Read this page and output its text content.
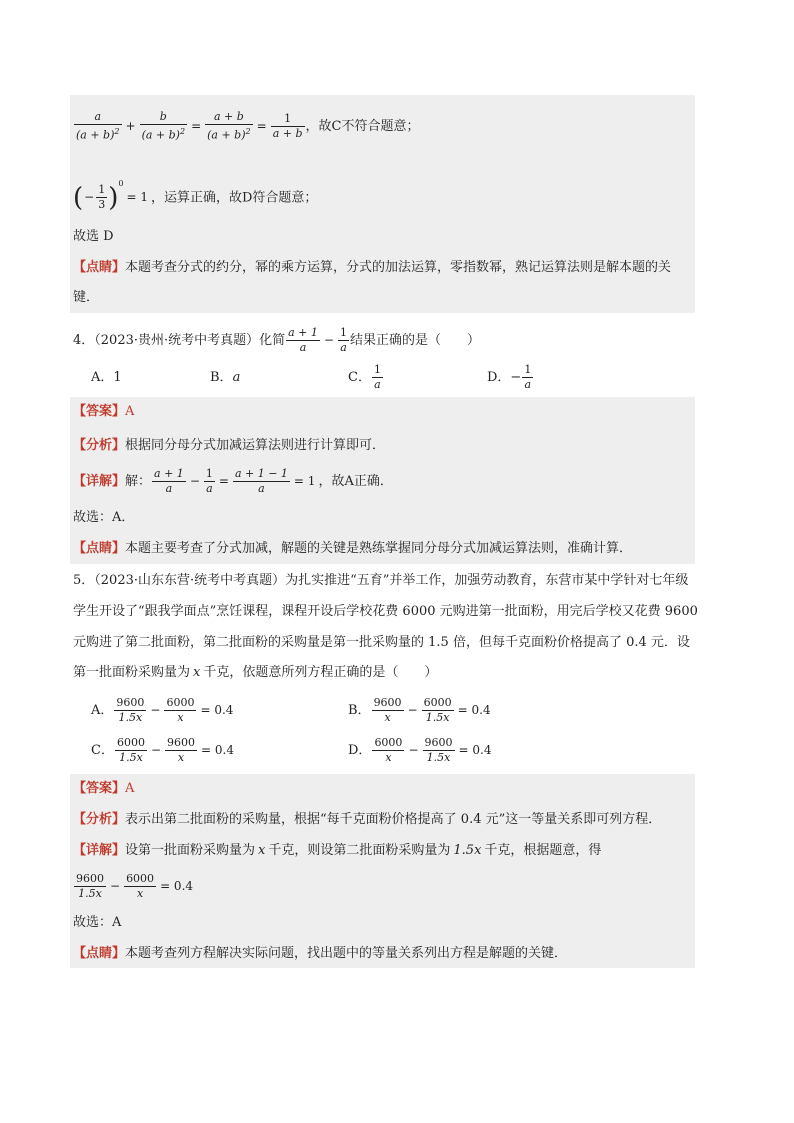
$\frac{a}{(a + b)^2} + \frac{b}{(a + b)^2} = \frac{a + b}{(a + b)^2} = \frac{1}{a + b}$ ，故C不符合题意；
(− $\frac{1}{3} )^0= 1$ ，运算正确，故D符合题意；
故选 D
【点睛】本题考查分式的约分，幂的乘方运算，分式的加法运算，零指数幂，熟记运算法则是解本题的关
键．
4．（2023·贵州·统考中考真题）化简 $\frac{a + 1}{a} - \frac{1}{a}$ 结果正确的是（　　）
A．1	B．a	C． $\frac{1}{a}$	D．− $\frac{1}{a}$
【答案】A
【分析】根据同分母分式加减运算法则进行计算即可．
【详解】解： $\frac{a + 1}{a} - \frac{1}{a} = \frac{a + 1 - 1}{a} = 1$ ，故A正确．
故选：A．
【点睛】本题主要考查了分式加减，解题的关键是熟练掌握同分母分式加减运算法则，准确计算．
5．（2023·山东东营·统考中考真题）为扎实推进“五育”并举工作，加强劳动教育，东营市某中学针对七年级
学生开设了“跟我学面点”烹饪课程，课程开设后学校花费 6000 元购进第一批面粉，用完后学校又花费 9600
元购进了第二批面粉，第二批面粉的采购量是第一批采购量的 1.5 倍，但每千克面粉价格提高了 0.4 元．设
第一批面粉采购量为 x 千克，依题意所列方程正确的是（　　）
A． $\frac{9600}{1.5x} - \frac{6000}{x} = 0.4$	B． $\frac{9600}{x} - \frac{6000}{1.5x} = 0.4$
C． $\frac{6000}{1.5x} - \frac{9600}{x} = 0.4$	D． $\frac{6000}{x} - \frac{9600}{1.5x} = 0.4$
【答案】A
【分析】表示出第二批面粉的采购量，根据“每千克面粉价格提高了 0.4 元”这一等量关系即可列方程．
【详解】设第一批面粉采购量为 x 千克，则设第二批面粉采购量为 1.5x 千克，根据题意，得
$\frac{9600}{1.5x} - \frac{6000}{x} = 0.4$
故选：A
【点睛】本题考查列方程解决实际问题，找出题中的等量关系列出方程是解题的关键．
